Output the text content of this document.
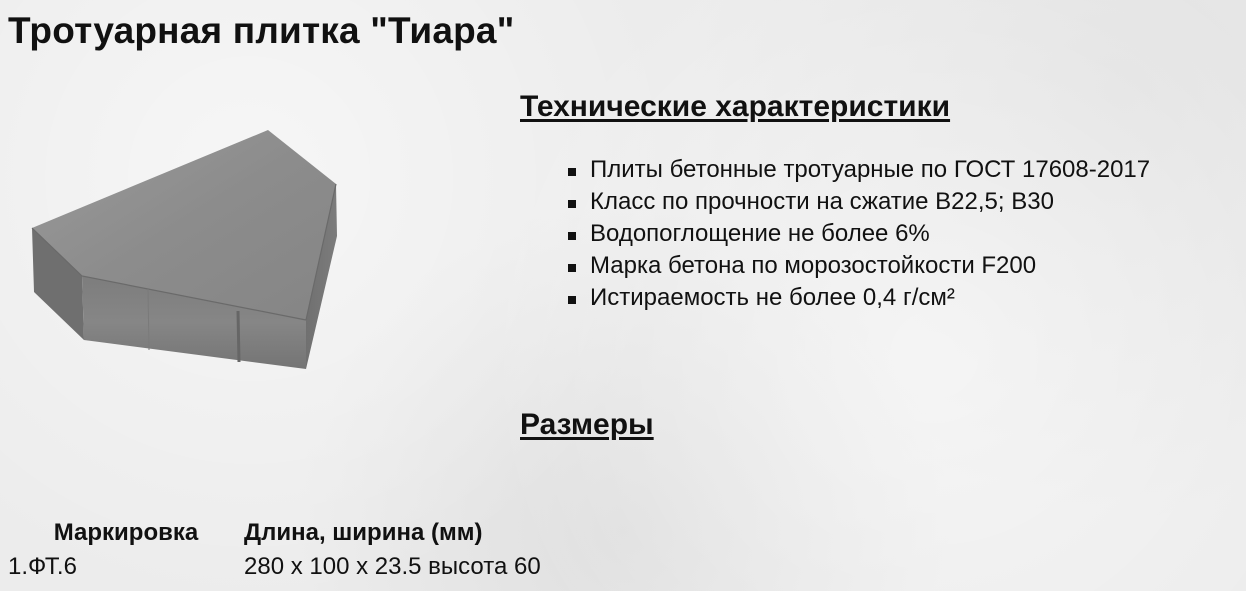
Тротуарная плитка "Тиара"
Технические характеристики
Плиты бетонные тротуарные по ГОСТ 17608-2017
Класс по прочности на сжатие В22,5; В30
Водопоглощение не более 6%
Марка бетона по морозостойкости F200
Истираемость не более 0,4 г/см²
Размеры
Маркировка	Длина, ширина (мм)
1.ФТ.6	280 х 100 х 23.5 высота 60
